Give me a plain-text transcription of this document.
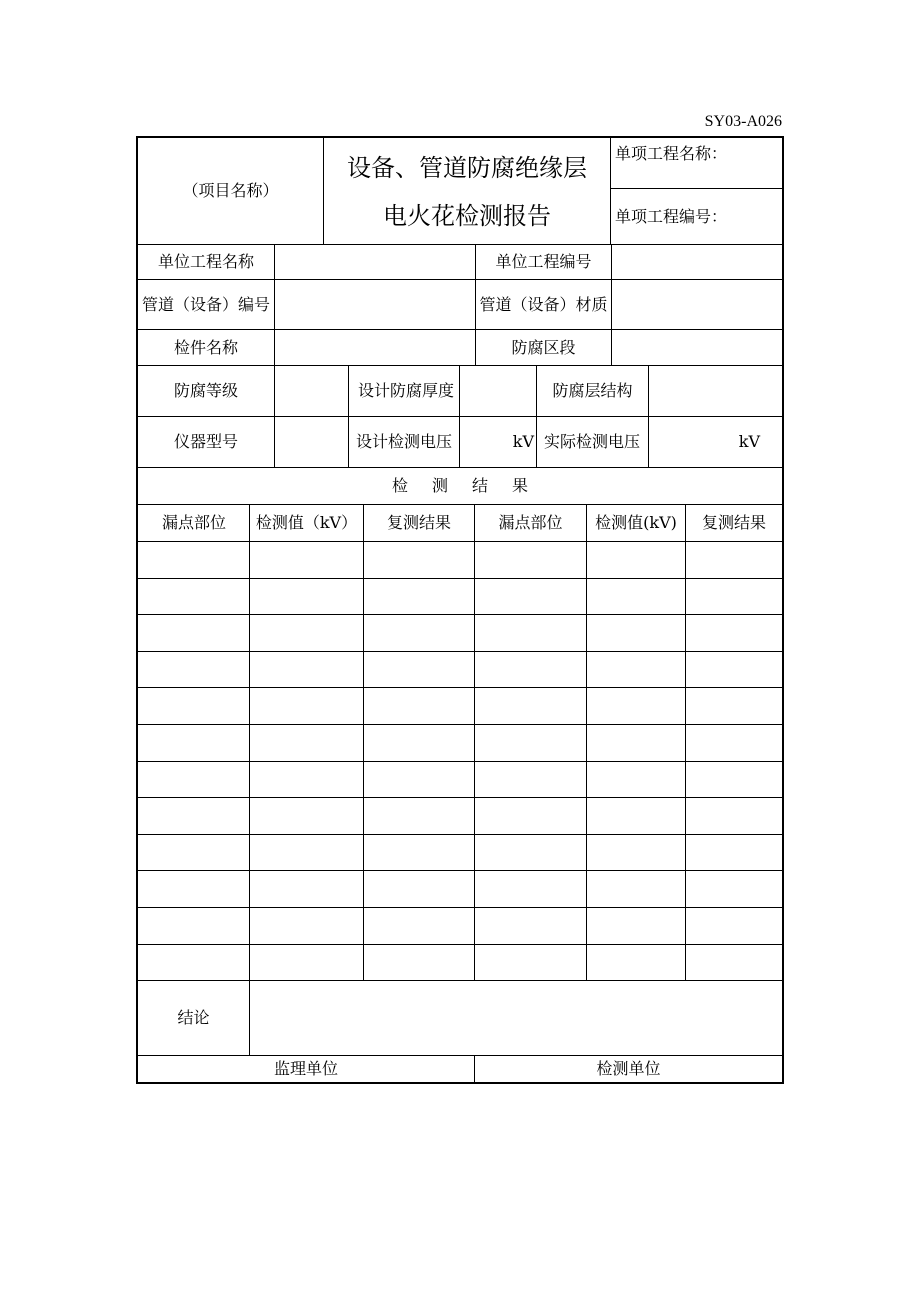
SY03-A026
（项目名称）
设备、管道防腐绝缘层
电火花检测报告
单项工程名称：
单项工程编号：
单位工程名称	单位工程编号
管道（设备）编号	管道（设备）材质
检件名称	防腐区段
防腐等级	设计防腐厚度	防腐层结构
仪器型号	设计检测电压	kV 实际检测电压	kV
检测结果
漏点部位	检测值（kV）	复测结果	漏点部位	检测值(kV)	复测结果
结论
监理单位	检测单位
